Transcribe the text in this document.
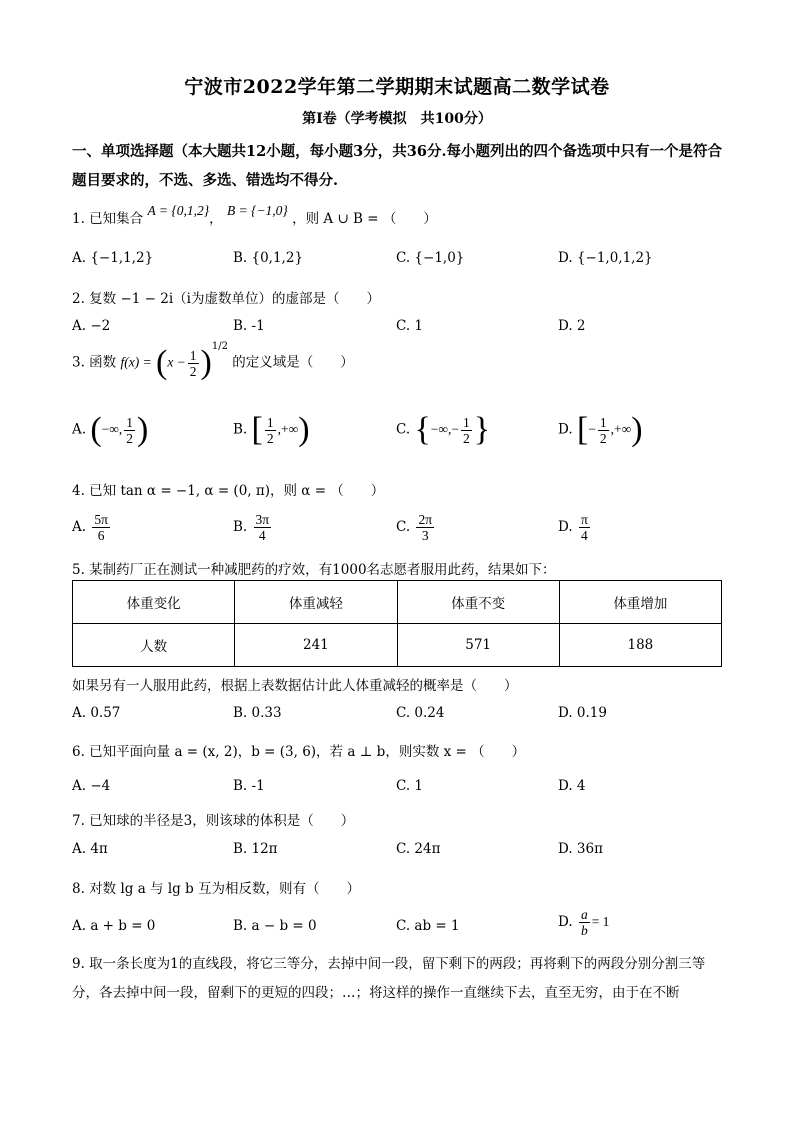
宁波市2022学年第二学期期末试题高二数学试卷
第Ⅰ卷（学考模拟　共100分）
一、单项选择题（本大题共12小题，每小题3分，共36分.每小题列出的四个备选项中只有一个是符合题目要求的，不选、多选、错选均不得分.
1. 已知集合 A = {0,1,2}， B = {−1,0} ，则 A ∪ B = （　　）
A. {−1,1,2}	B. {0,1,2}	C. {−1,0}	D. {−1,0,1,2}
2. 复数 −1 − 2i（i为虚数单位）的虚部是（　　）
A. −2	B. -1	C. 1	D. 2
3. 函数 $f(x) = (x - \frac{1}{2} )^{1/2}$ 的定义域是（　　）
A. (−∞, $\frac{1}{2}$ )	B. [ $\frac{1}{2}$ ,+∞)	C. {−∞,− $\frac{1}{2}$ }	D. [− $\frac{1}{2}$ ,+∞)
4. 已知 tan α = −1, α = (0, π)，则 α = （　　）
A. $\frac{5\pi}{6}$	B. $\frac{3\pi}{4}$	C. $\frac{2\pi}{3}$	D. $\frac{\pi}{4}$
5. 某制药厂正在测试一种减肥药的疗效，有1000名志愿者服用此药，结果如下：
体重变化	体重减轻	体重不变	体重增加
人数	241	571	188
如果另有一人服用此药，根据上表数据估计此人体重减轻的概率是（　　）
A. 0.57	B. 0.33	C. 0.24	D. 0.19
6. 已知平面向量 a = (x, 2)，b = (3, 6)，若 a ⊥ b，则实数 x = （　　）
A. −4	B. -1	C. 1	D. 4
7. 已知球的半径是3，则该球的体积是（　　）
A. 4π	B. 12π	C. 24π	D. 36π
8. 对数 lg a 与 lg b 互为相反数，则有（　　）
A. a + b = 0	B. a − b = 0	C. ab = 1	D. $\frac{a}{b} = 1$
9. 取一条长度为1的直线段，将它三等分，去掉中间一段，留下剩下的两段；再将剩下的两段分别分割三等分，各去掉中间一段，留剩下的更短的四段；…；将这样的操作一直继续下去，直至无穷，由于在不断
